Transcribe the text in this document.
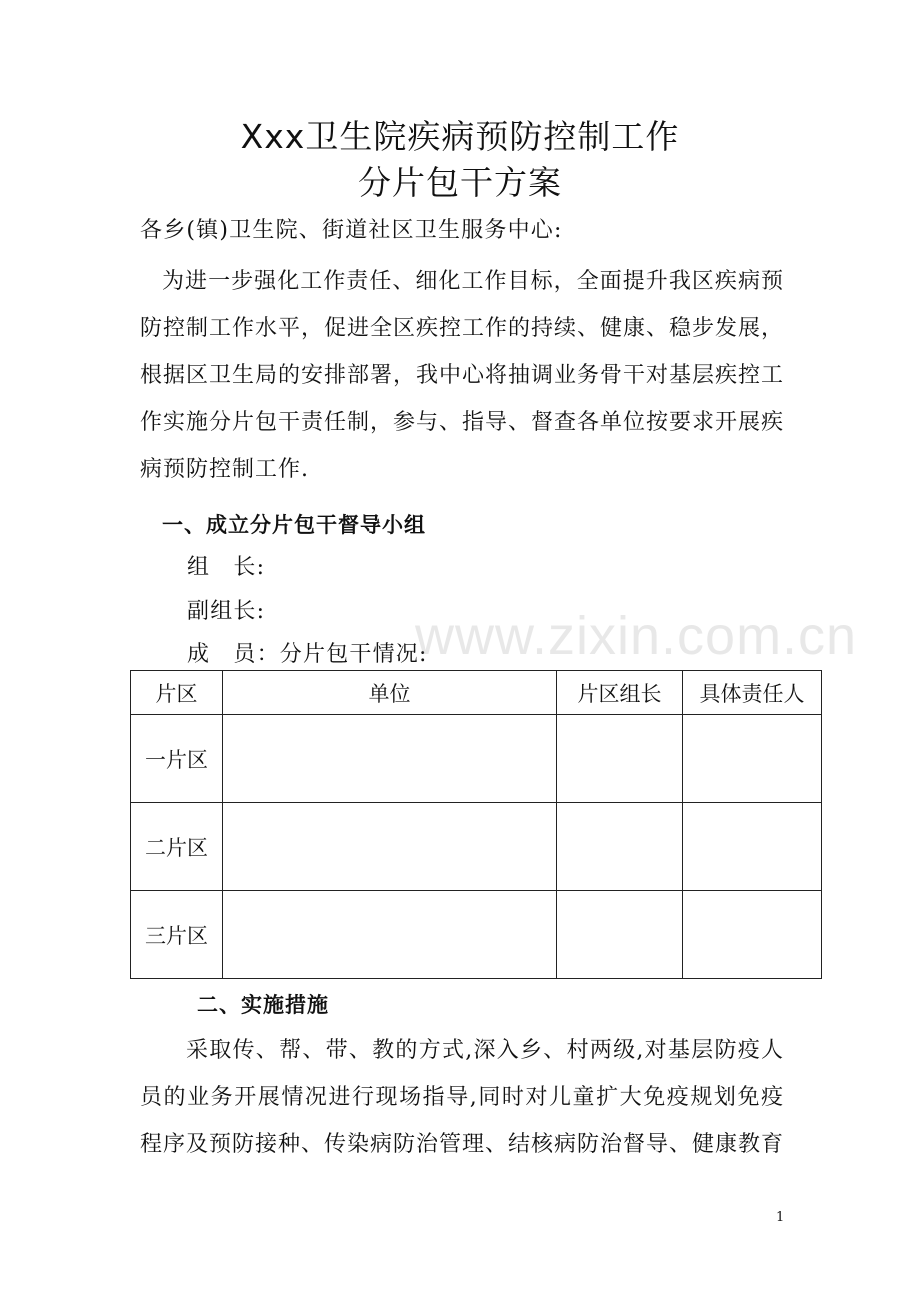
Xxx卫生院疾病预防控制工作
分片包干方案
各乡(镇)卫生院、街道社区卫生服务中心:
为进一步强化工作责任、细化工作目标，全面提升我区疾病预防控制工作水平，促进全区疾控工作的持续、健康、稳步发展，根据区卫生局的安排部署，我中心将抽调业务骨干对基层疾控工作实施分片包干责任制，参与、指导、督查各单位按要求开展疾病预防控制工作.
一、成立分片包干督导小组
组　长:
副组长:
成　员：分片包干情况:
www.zixin.com.cn
片区	单位	片区组长	具体责任人
一片区			
二片区			
三片区			
二、实施措施
采取传、帮、带、教的方式,深入乡、村两级,对基层防疫人员的业务开展情况进行现场指导,同时对儿童扩大免疫规划免疫程序及预防接种、传染病防治管理、结核病防治督导、健康教育
1
